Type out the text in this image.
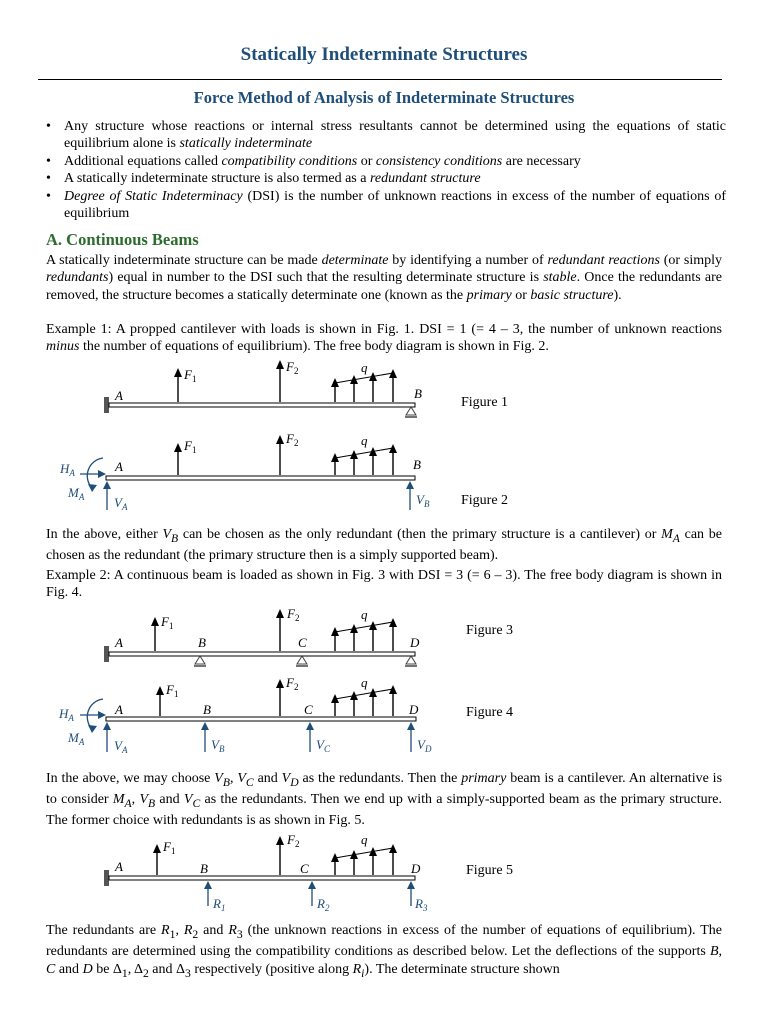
Statically Indeterminate Structures
Force Method of Analysis of Indeterminate Structures
• Any structure whose reactions or internal stress resultants cannot be determined using the equations of static equilibrium alone is statically indeterminate
• Additional equations called compatibility conditions or consistency conditions are necessary
• A statically indeterminate structure is also termed as a redundant structure
• Degree of Static Indeterminacy (DSI) is the number of unknown reactions in excess of the number of equations of equilibrium
A. Continuous Beams
A statically indeterminate structure can be made determinate by identifying a number of redundant reactions (or simply redundants) equal in number to the DSI such that the resulting determinate structure is stable. Once the redundants are removed, the structure becomes a statically determinate one (known as the primary or basic structure).
Example 1: A propped cantilever with loads is shown in Fig. 1. DSI = 1 (= 4 – 3, the number of unknown reactions minus the number of equations of equilibrium). The free body diagram is shown in Fig. 2.
A	B
$F_1$
$F_2$	q
Figure 1
A	B
$F_1$
$F_2$	q
$H_A$
$M_A$ $V_A$	$V_B$ Figure 2
In the above, either $V_B$ can be chosen as the only redundant (then the primary structure is a cantilever) or $M_A$ can be chosen as the redundant (the primary structure then is a simply supported beam).
Example 2: A continuous beam is loaded as shown in Fig. 3 with DSI = 3 (= 6 – 3). The free body diagram is shown in Fig. 4.
A	B	C	D
$F_1$
$F_2$	q
Figure 3
A	B	C	D
$F_1$
$F_2$	q
$H_A$
$M_A$ $V_A$	$V_B$	$V_C$	$V_D$
Figure 4
In the above, we may choose $V_B$, $V_C$ and $V_D$ as the redundants. Then the primary beam is a cantilever. An alternative is to consider $M_A$, $V_B$ and $V_C$ as the redundants. Then we end up with a simply-supported beam as the primary structure. The former choice with redundants is as shown in Fig. 5.
A	B	C	D
$F_1$
$F_2$	q
$R_1$	$R_2$	$R_3$
Figure 5
The redundants are $R_1$, $R_2$ and $R_3$ (the unknown reactions in excess of the number of equations of equilibrium). The redundants are determined using the compatibility conditions as described below. Let the deflections of the supports B, C and D be $\Delta_1$, $\Delta_2$ and $\Delta_3$ respectively (positive along $R_i$). The determinate structure shown
